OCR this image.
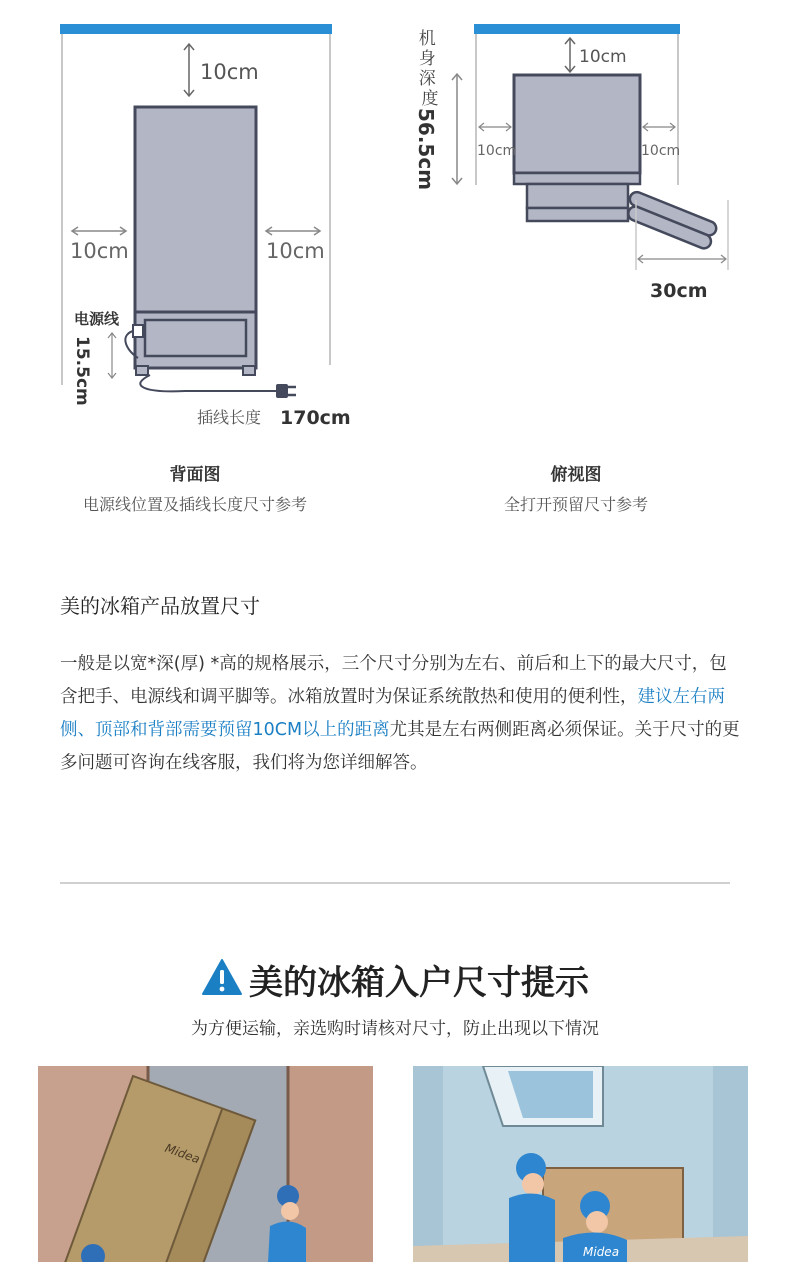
10cm
10cm	10cm
电源线
15.5cm
插线长度 170cm
背面图
电源线位置及插线长度尺寸参考
机 身 深 度
56.5cm
10cm
10cm	10cm
30cm
俯视图
全打开预留尺寸参考
美的冰箱产品放置尺寸
一般是以宽*深(厚) *高的规格展示，三个尺寸分别为左右、前后和上下的最大尺寸，包含把手、电源线和调平脚等。冰箱放置时为保证系统散热和使用的便利性，建议左右两侧、顶部和背部需要预留10CM以上的距离尤其是左右两侧距离必须保证。关于尺寸的更多问题可咨询在线客服，我们将为您详细解答。
美的冰箱入户尺寸提示
为方便运输，亲选购时请核对尺寸，防止出现以下情况
Midea
Midea
